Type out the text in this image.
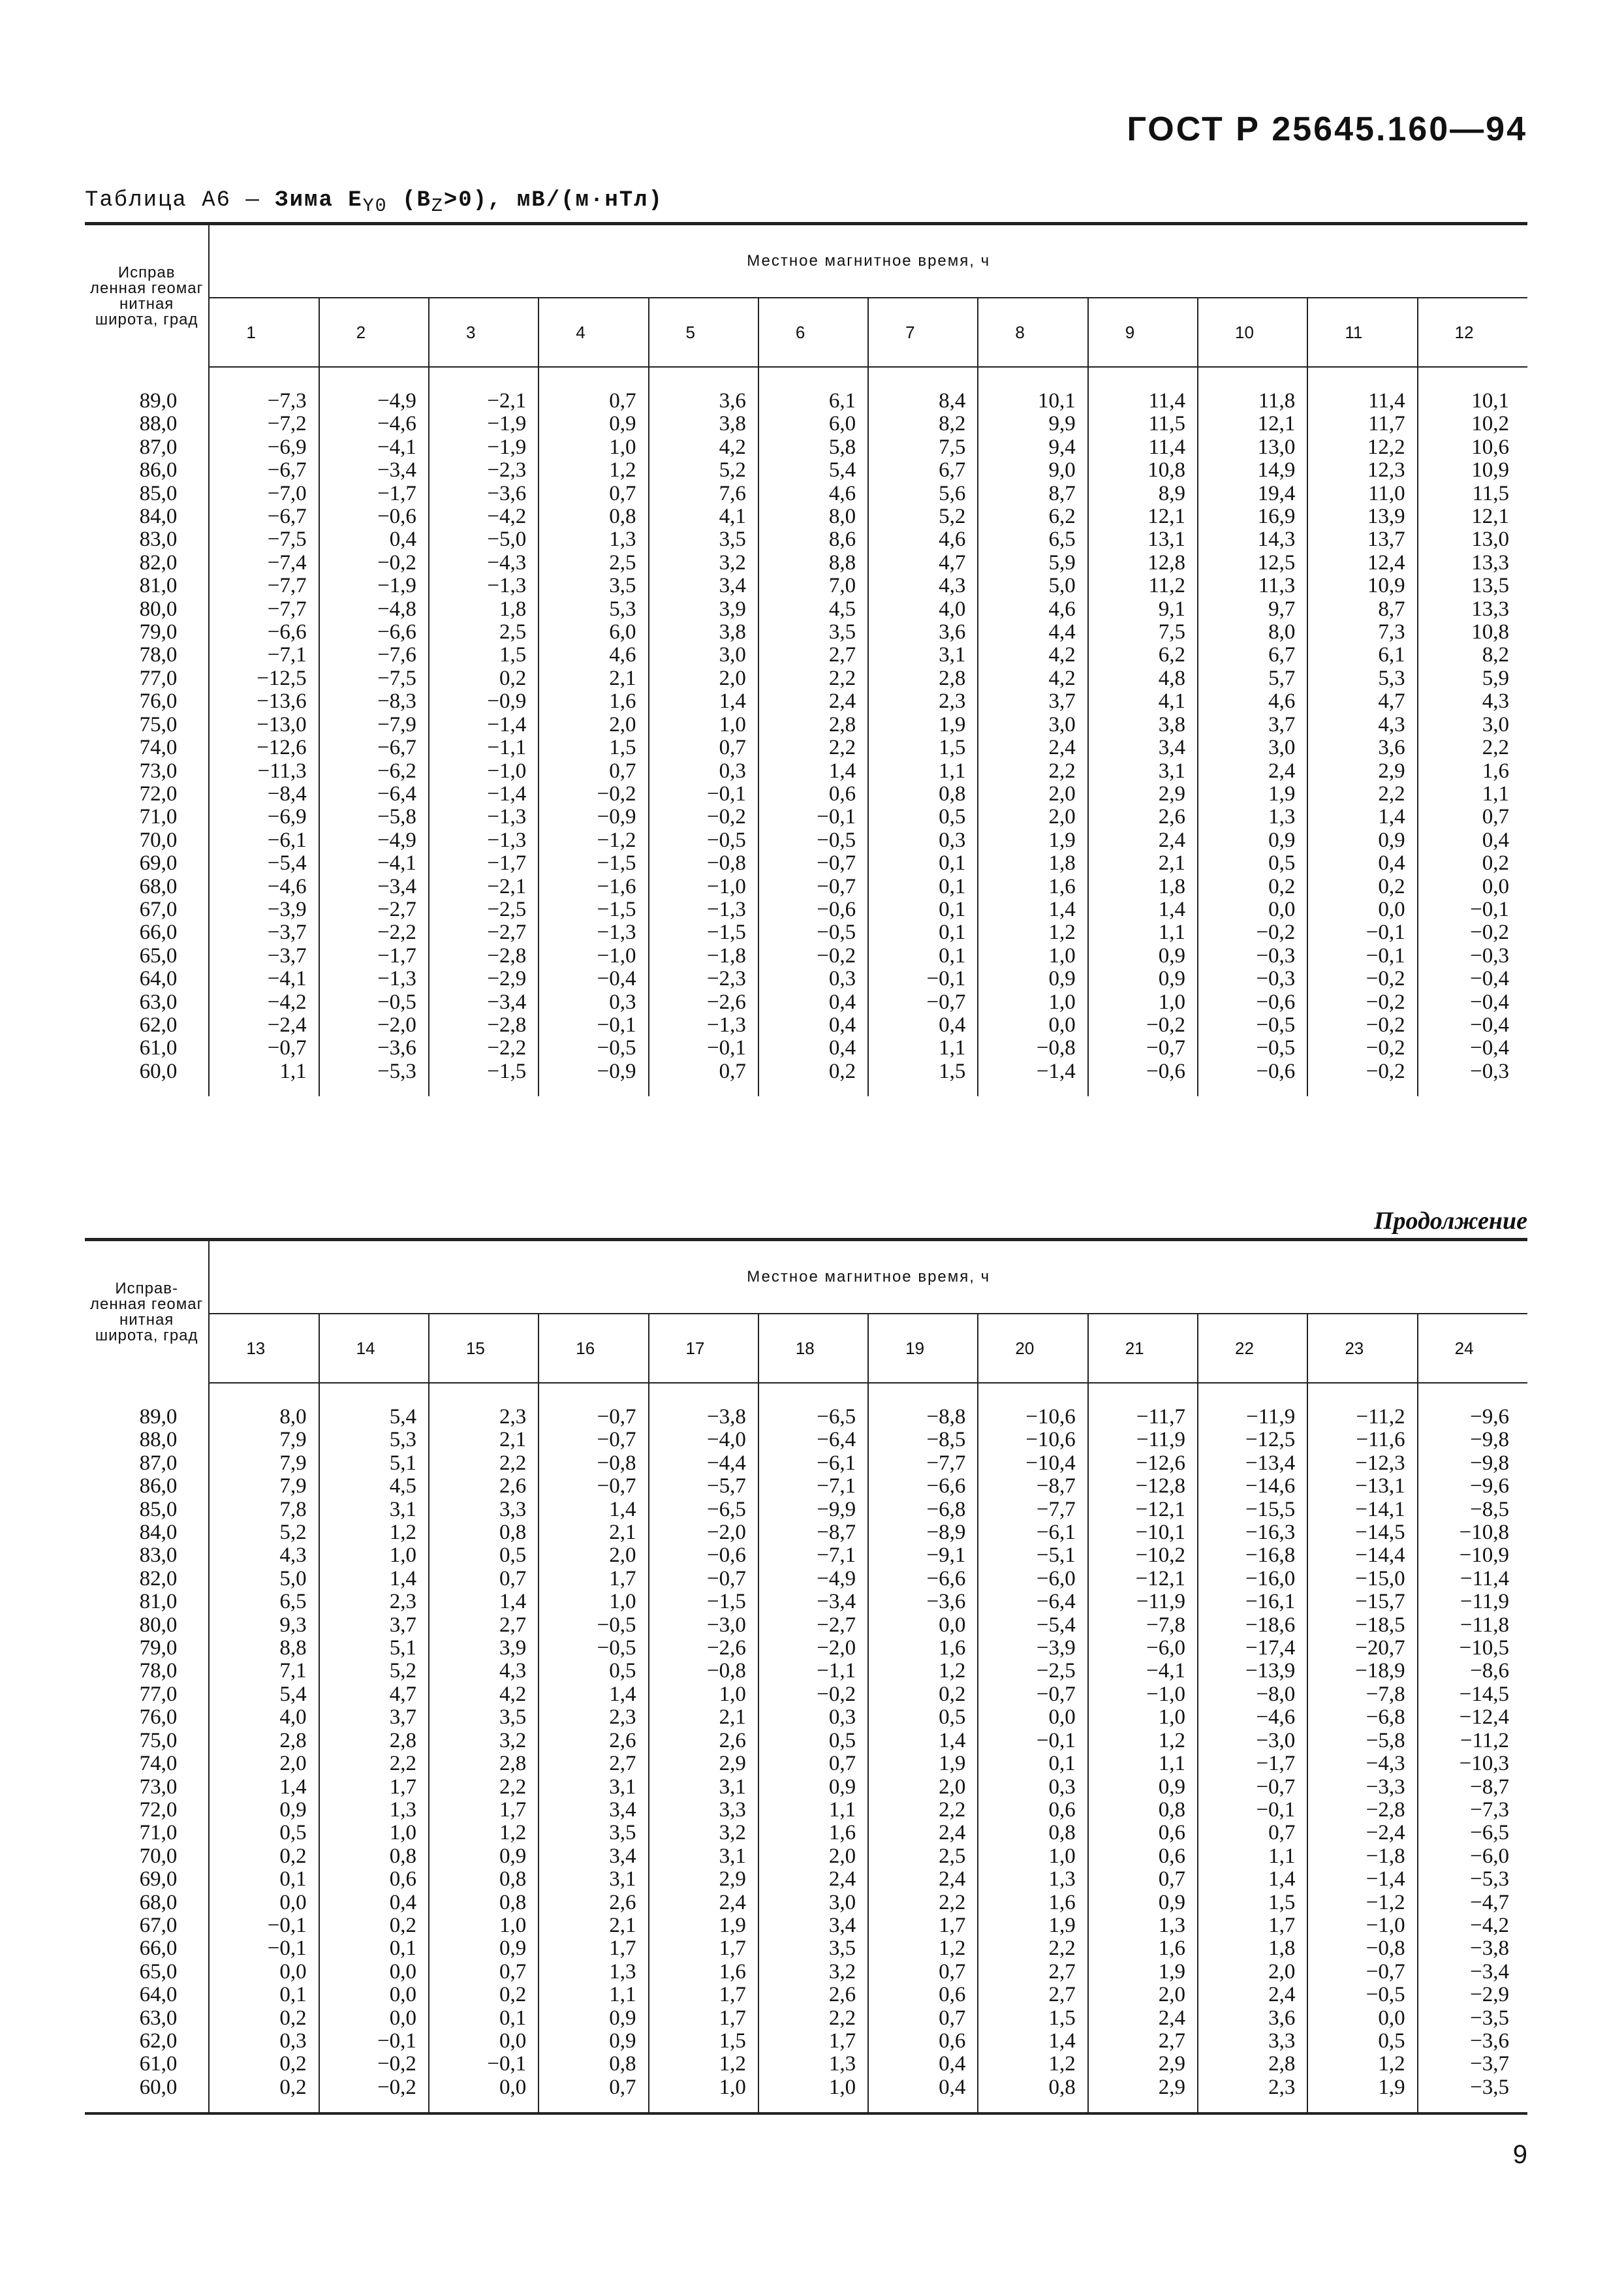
ГОСТ Р 25645.160—94
Таблица А6 — Зима $E_{Y0}$ $(B_Z>0)$, мВ/(м·нТл)
Исправ ленная геомаг нитная широта, град	Местное магнитное время, ч											
	1	2	3	4	5	6	7	8	9	10	11	12
89,0	−7,3	−4,9	−2,1	0,7	3,6	6,1	8,4	10,1	11,4	11,8	11,4	10,1
88,0	−7,2	−4,6	−1,9	0,9	3,8	6,0	8,2	9,9	11,5	12,1	11,7	10,2
87,0	−6,9	−4,1	−1,9	1,0	4,2	5,8	7,5	9,4	11,4	13,0	12,2	10,6
86,0	−6,7	−3,4	−2,3	1,2	5,2	5,4	6,7	9,0	10,8	14,9	12,3	10,9
85,0	−7,0	−1,7	−3,6	0,7	7,6	4,6	5,6	8,7	8,9	19,4	11,0	11,5
84,0	−6,7	−0,6	−4,2	0,8	4,1	8,0	5,2	6,2	12,1	16,9	13,9	12,1
83,0	−7,5	0,4	−5,0	1,3	3,5	8,6	4,6	6,5	13,1	14,3	13,7	13,0
82,0	−7,4	−0,2	−4,3	2,5	3,2	8,8	4,7	5,9	12,8	12,5	12,4	13,3
81,0	−7,7	−1,9	−1,3	3,5	3,4	7,0	4,3	5,0	11,2	11,3	10,9	13,5
80,0	−7,7	−4,8	1,8	5,3	3,9	4,5	4,0	4,6	9,1	9,7	8,7	13,3
79,0	−6,6	−6,6	2,5	6,0	3,8	3,5	3,6	4,4	7,5	8,0	7,3	10,8
78,0	−7,1	−7,6	1,5	4,6	3,0	2,7	3,1	4,2	6,2	6,7	6,1	8,2
77,0	−12,5	−7,5	0,2	2,1	2,0	2,2	2,8	4,2	4,8	5,7	5,3	5,9
76,0	−13,6	−8,3	−0,9	1,6	1,4	2,4	2,3	3,7	4,1	4,6	4,7	4,3
75,0	−13,0	−7,9	−1,4	2,0	1,0	2,8	1,9	3,0	3,8	3,7	4,3	3,0
74,0	−12,6	−6,7	−1,1	1,5	0,7	2,2	1,5	2,4	3,4	3,0	3,6	2,2
73,0	−11,3	−6,2	−1,0	0,7	0,3	1,4	1,1	2,2	3,1	2,4	2,9	1,6
72,0	−8,4	−6,4	−1,4	−0,2	−0,1	0,6	0,8	2,0	2,9	1,9	2,2	1,1
71,0	−6,9	−5,8	−1,3	−0,9	−0,2	−0,1	0,5	2,0	2,6	1,3	1,4	0,7
70,0	−6,1	−4,9	−1,3	−1,2	−0,5	−0,5	0,3	1,9	2,4	0,9	0,9	0,4
69,0	−5,4	−4,1	−1,7	−1,5	−0,8	−0,7	0,1	1,8	2,1	0,5	0,4	0,2
68,0	−4,6	−3,4	−2,1	−1,6	−1,0	−0,7	0,1	1,6	1,8	0,2	0,2	0,0
67,0	−3,9	−2,7	−2,5	−1,5	−1,3	−0,6	0,1	1,4	1,4	0,0	0,0	−0,1
66,0	−3,7	−2,2	−2,7	−1,3	−1,5	−0,5	0,1	1,2	1,1	−0,2	−0,1	−0,2
65,0	−3,7	−1,7	−2,8	−1,0	−1,8	−0,2	0,1	1,0	0,9	−0,3	−0,1	−0,3
64,0	−4,1	−1,3	−2,9	−0,4	−2,3	0,3	−0,1	0,9	0,9	−0,3	−0,2	−0,4
63,0	−4,2	−0,5	−3,4	0,3	−2,6	0,4	−0,7	1,0	1,0	−0,6	−0,2	−0,4
62,0	−2,4	−2,0	−2,8	−0,1	−1,3	0,4	0,4	0,0	−0,2	−0,5	−0,2	−0,4
61,0	−0,7	−3,6	−2,2	−0,5	−0,1	0,4	1,1	−0,8	−0,7	−0,5	−0,2	−0,4
60,0	1,1	−5,3	−1,5	−0,9	0,7	0,2	1,5	−1,4	−0,6	−0,6	−0,2	−0,3
Продолжение
Исправ- ленная геомаг нитная широта, град	Местное магнитное время, ч											
	13	14	15	16	17	18	19	20	21	22	23	24
89,0	8,0	5,4	2,3	−0,7	−3,8	−6,5	−8,8	−10,6	−11,7	−11,9	−11,2	−9,6
88,0	7,9	5,3	2,1	−0,7	−4,0	−6,4	−8,5	−10,6	−11,9	−12,5	−11,6	−9,8
87,0	7,9	5,1	2,2	−0,8	−4,4	−6,1	−7,7	−10,4	−12,6	−13,4	−12,3	−9,8
86,0	7,9	4,5	2,6	−0,7	−5,7	−7,1	−6,6	−8,7	−12,8	−14,6	−13,1	−9,6
85,0	7,8	3,1	3,3	1,4	−6,5	−9,9	−6,8	−7,7	−12,1	−15,5	−14,1	−8,5
84,0	5,2	1,2	0,8	2,1	−2,0	−8,7	−8,9	−6,1	−10,1	−16,3	−14,5	−10,8
83,0	4,3	1,0	0,5	2,0	−0,6	−7,1	−9,1	−5,1	−10,2	−16,8	−14,4	−10,9
82,0	5,0	1,4	0,7	1,7	−0,7	−4,9	−6,6	−6,0	−12,1	−16,0	−15,0	−11,4
81,0	6,5	2,3	1,4	1,0	−1,5	−3,4	−3,6	−6,4	−11,9	−16,1	−15,7	−11,9
80,0	9,3	3,7	2,7	−0,5	−3,0	−2,7	0,0	−5,4	−7,8	−18,6	−18,5	−11,8
79,0	8,8	5,1	3,9	−0,5	−2,6	−2,0	1,6	−3,9	−6,0	−17,4	−20,7	−10,5
78,0	7,1	5,2	4,3	0,5	−0,8	−1,1	1,2	−2,5	−4,1	−13,9	−18,9	−8,6
77,0	5,4	4,7	4,2	1,4	1,0	−0,2	0,2	−0,7	−1,0	−8,0	−7,8	−14,5
76,0	4,0	3,7	3,5	2,3	2,1	0,3	0,5	0,0	1,0	−4,6	−6,8	−12,4
75,0	2,8	2,8	3,2	2,6	2,6	0,5	1,4	−0,1	1,2	−3,0	−5,8	−11,2
74,0	2,0	2,2	2,8	2,7	2,9	0,7	1,9	0,1	1,1	−1,7	−4,3	−10,3
73,0	1,4	1,7	2,2	3,1	3,1	0,9	2,0	0,3	0,9	−0,7	−3,3	−8,7
72,0	0,9	1,3	1,7	3,4	3,3	1,1	2,2	0,6	0,8	−0,1	−2,8	−7,3
71,0	0,5	1,0	1,2	3,5	3,2	1,6	2,4	0,8	0,6	0,7	−2,4	−6,5
70,0	0,2	0,8	0,9	3,4	3,1	2,0	2,5	1,0	0,6	1,1	−1,8	−6,0
69,0	0,1	0,6	0,8	3,1	2,9	2,4	2,4	1,3	0,7	1,4	−1,4	−5,3
68,0	0,0	0,4	0,8	2,6	2,4	3,0	2,2	1,6	0,9	1,5	−1,2	−4,7
67,0	−0,1	0,2	1,0	2,1	1,9	3,4	1,7	1,9	1,3	1,7	−1,0	−4,2
66,0	−0,1	0,1	0,9	1,7	1,7	3,5	1,2	2,2	1,6	1,8	−0,8	−3,8
65,0	0,0	0,0	0,7	1,3	1,6	3,2	0,7	2,7	1,9	2,0	−0,7	−3,4
64,0	0,1	0,0	0,2	1,1	1,7	2,6	0,6	2,7	2,0	2,4	−0,5	−2,9
63,0	0,2	0,0	0,1	0,9	1,7	2,2	0,7	1,5	2,4	3,6	0,0	−3,5
62,0	0,3	−0,1	0,0	0,9	1,5	1,7	0,6	1,4	2,7	3,3	0,5	−3,6
61,0	0,2	−0,2	−0,1	0,8	1,2	1,3	0,4	1,2	2,9	2,8	1,2	−3,7
60,0	0,2	−0,2	0,0	0,7	1,0	1,0	0,4	0,8	2,9	2,3	1,9	−3,5
9
